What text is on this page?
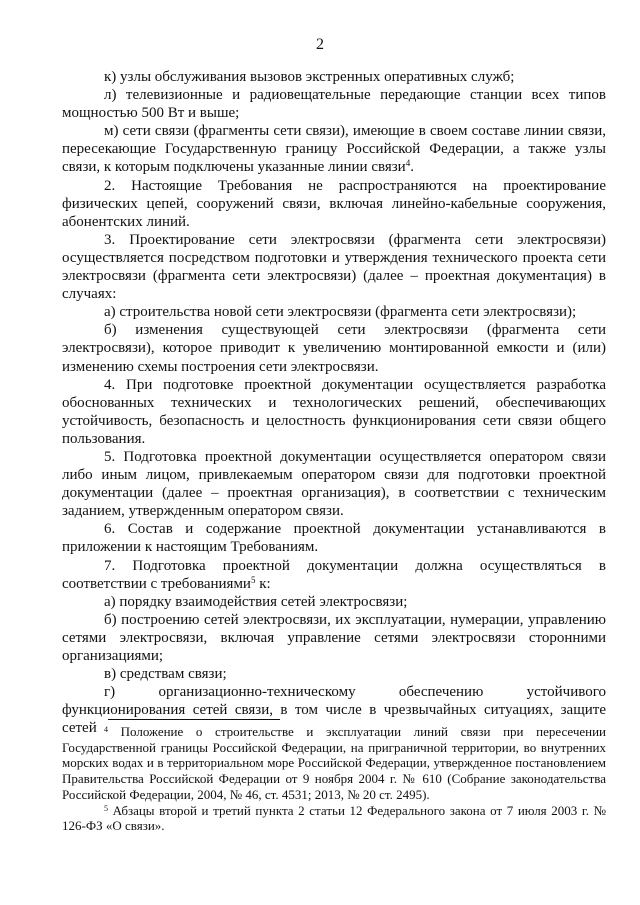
2

к) узлы обслуживания вызовов экстренных оперативных служб;

л) телевизионные и радиовещательные передающие станции всех типов мощностью 500 Вт и выше;

м) сети связи (фрагменты сети связи), имеющие в своем составе линии связи, пересекающие Государственную границу Российской Федерации, а также узлы связи, к которым подключены указанные линии связи$^4$.

2. Настоящие Требования не распространяются на проектирование физических цепей, сооружений связи, включая линейно-кабельные сооружения, абонентских линий.

3. Проектирование сети электросвязи (фрагмента сети электросвязи) осуществляется посредством подготовки и утверждения технического проекта сети электросвязи (фрагмента сети электросвязи) (далее – проектная документация) в случаях:

а) строительства новой сети электросвязи (фрагмента сети электросвязи);

б) изменения существующей сети электросвязи (фрагмента сети электросвязи), которое приводит к увеличению монтированной емкости и (или) изменению схемы построения сети электросвязи.

4. При подготовке проектной документации осуществляется разработка обоснованных технических и технологических решений, обеспечивающих устойчивость, безопасность и целостность функционирования сети связи общего пользования.

5. Подготовка проектной документации осуществляется оператором связи либо иным лицом, привлекаемым оператором связи для подготовки проектной документации (далее – проектная организация), в соответствии с техническим заданием, утвержденным оператором связи.

6. Состав и содержание проектной документации устанавливаются в приложении к настоящим Требованиям.

7. Подготовка проектной документации должна осуществляться в соответствии с требованиями$^5$ к:

а) порядку взаимодействия сетей электросвязи;

б) построению сетей электросвязи, их эксплуатации, нумерации, управлению сетями электросвязи, включая управление сетями электросвязи сторонними организациями;

в) средствам связи;

г) организационно-техническому обеспечению устойчивого функционирования сетей связи, в том числе в чрезвычайных ситуациях, защите сетей $^4$ Положение о строительстве и эксплуатации линий связи при пересечении Государственной границы Российской Федерации, на приграничной территории, во внутренних морских водах и в территориальном море Российской Федерации, утвержденное постановлением Правительства Российской Федерации от 9 ноября 2004 г. № 610 (Собрание законодательства Российской Федерации, 2004, № 46, ст. 4531; 2013, № 20 ст. 2495).

$^5$ Абзацы второй и третий пункта 2 статьи 12 Федерального закона от 7 июля 2003 г. № 126-ФЗ «О связи».
